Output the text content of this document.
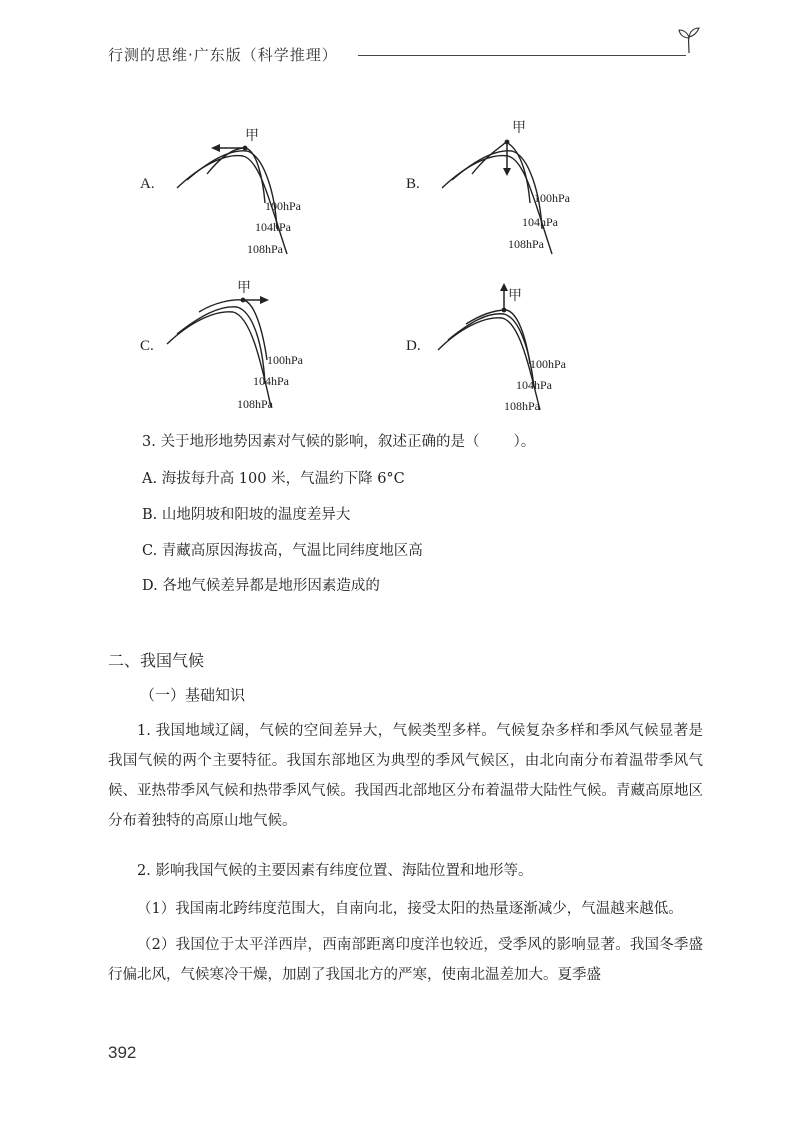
行测的思维·广东版（科学推理）
A.
甲
100hPa
104hPa
108hPa
B.
甲
100hPa
104hPa
108hPa
C.
甲
100hPa
104hPa
108hPa
D.
甲
100hPa
104hPa
108hPa
3. 关于地形地势因素对气候的影响，叙述正确的是（ ）。
A. 海拔每升高 100 米，气温约下降 6°C
B. 山地阴坡和阳坡的温度差异大
C. 青藏高原因海拔高，气温比同纬度地区高
D. 各地气候差异都是地形因素造成的
二、我国气候
（一）基础知识
1. 我国地域辽阔，气候的空间差异大，气候类型多样。气候复杂多样和季风气候显著是我国气候的两个主要特征。我国东部地区为典型的季风气候区，由北向南分布着温带季风气候、亚热带季风气候和热带季风气候。我国西北部地区分布着温带大陆性气候。青藏高原地区分布着独特的高原山地气候。
2. 影响我国气候的主要因素有纬度位置、海陆位置和地形等。
（1）我国南北跨纬度范围大，自南向北，接受太阳的热量逐渐减少，气温越来越低。
（2）我国位于太平洋西岸，西南部距离印度洋也较近，受季风的影响显著。我国冬季盛行偏北风，气候寒冷干燥，加剧了我国北方的严寒，使南北温差加大。夏季盛
392
